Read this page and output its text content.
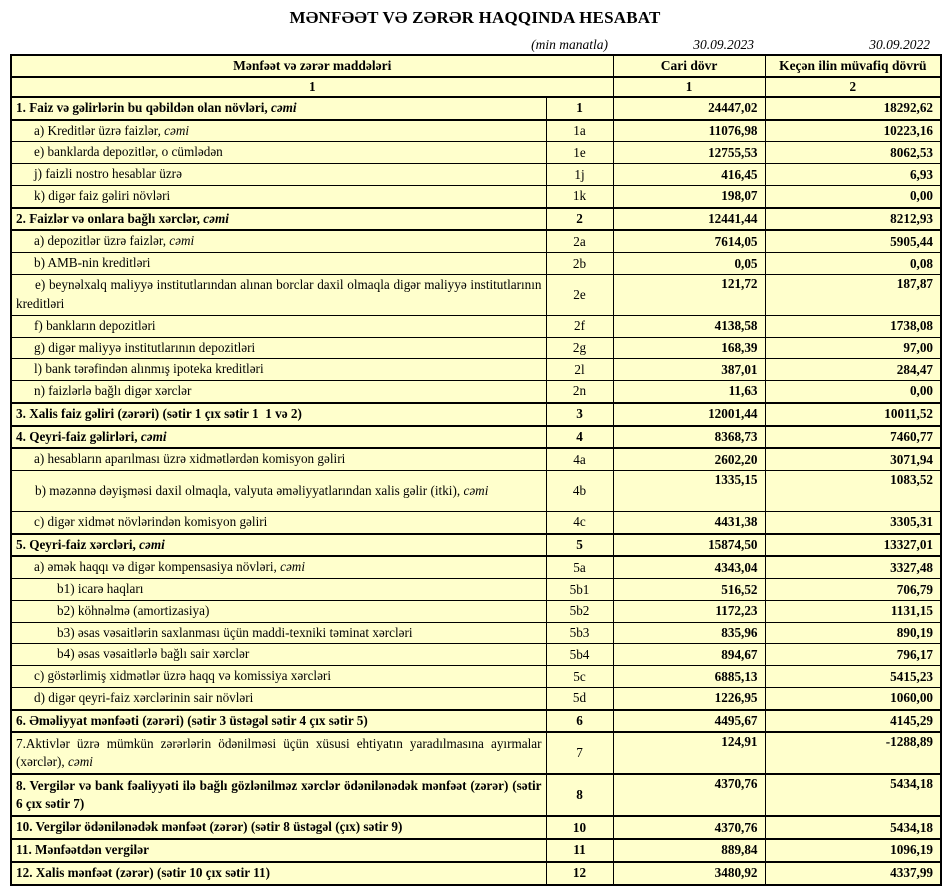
MƏNFƏƏT VƏ ZƏRƏR HAQQINDA HESABAT
(min manatla)	30.09.2023	30.09.2022
Mənfəət və zərər maddələri		Cari dövr	Keçən ilin müvafiq dövrü
1		1	2
1. Faiz və gəlirlərin bu qəbildən olan növləri, cəmi	1	24447,02	18292,62
a) Kreditlər üzrə faizlər, cəmi	1a	11076,98	10223,16
e) banklarda depozitlər, o cümlədən	1e	12755,53	8062,53
j) faizli nostro hesablar üzrə	1j	416,45	6,93
k) digər faiz gəliri növləri	1k	198,07	0,00
2. Faizlər və onlara bağlı xərclər, cəmi	2	12441,44	8212,93
a) depozitlər üzrə faizlər, cəmi	2a	7614,05	5905,44
b) AMB-nin kreditləri	2b	0,05	0,08
e) beynəlxalq maliyyə institutlarından alınan borclar daxil olmaqla digər maliyyə institutlarının kreditləri	2e	121,72	187,87
f) bankların depozitləri	2f	4138,58	1738,08
g) digər maliyyə institutlarının depozitləri	2g	168,39	97,00
l) bank tərəfindən alınmış ipoteka kreditləri	2l	387,01	284,47
n) faizlərlə bağlı digər xərclər	2n	11,63	0,00
3. Xalis faiz gəliri (zərəri) (sətir 1 çıx sətir 1  1 və 2)	3	12001,44	10011,52
4. Qeyri-faiz gəlirləri, cəmi	4	8368,73	7460,77
a) hesabların aparılması üzrə xidmətlərdən komisyon gəliri	4a	2602,20	3071,94
b) məzənnə dəyişməsi daxil olmaqla, valyuta əməliyyatlarından xalis gəlir (itki), cəmi	4b	1335,15	1083,52
c) digər xidmət növlərindən komisyon gəliri	4c	4431,38	3305,31
5. Qeyri-faiz xərcləri, cəmi	5	15874,50	13327,01
a) əmək haqqı və digər kompensasiya növləri, cəmi	5a	4343,04	3327,48
b1) icarə haqları	5b1	516,52	706,79
b2) köhnəlmə (amortizasiya)	5b2	1172,23	1131,15
b3) əsas vəsaitlərin saxlanması üçün maddi-texniki təminat xərcləri	5b3	835,96	890,19
b4) əsas vəsaitlərlə bağlı sair xərclər	5b4	894,67	796,17
c) göstərlimiş xidmətlər üzrə haqq və komissiya xərcləri	5c	6885,13	5415,23
d) digər qeyri-faiz xərclərinin sair növləri	5d	1226,95	1060,00
6. Əməliyyat mənfəəti (zərəri) (sətir 3 üstəgəl sətir 4 çıx sətir 5)	6	4495,67	4145,29
7.Aktivlər üzrə mümkün zərərlərin ödənilməsi üçün xüsusi ehtiyatın yaradılmasına ayırmalar (xərclər), cəmi	7	124,91	-1288,89
8. Vergilər və bank fəaliyyəti ilə bağlı gözlənilməz xərclər ödənilənədək mənfəət (zərər) (sətir 6 çıx sətir 7)	8	4370,76	5434,18
10. Vergilər ödənilənədək mənfəət (zərər) (sətir 8 üstəgəl (çıx) sətir 9)	10	4370,76	5434,18
11. Mənfəətdən vergilər	11	889,84	1096,19
12. Xalis mənfəət (zərər) (sətir 10 çıx sətir 11)	12	3480,92	4337,99
